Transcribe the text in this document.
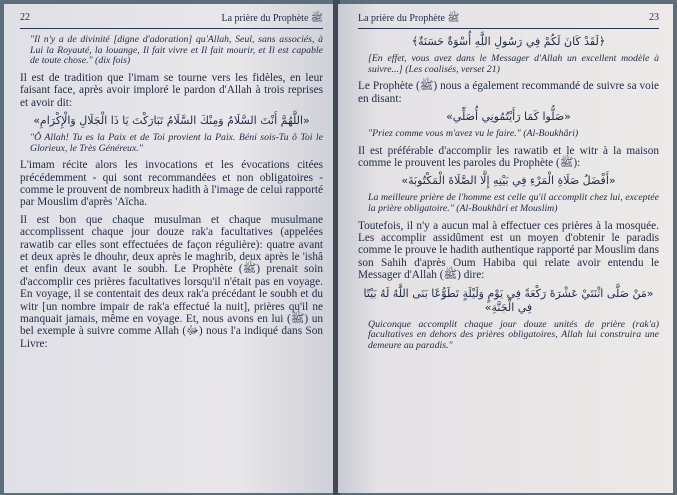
22	La prière du Prophète ﷺ

"Il n'y a de divinité [digne d'adoration] qu'Allah, Seul, sans associés, à Lui la Royauté, la louange, Il fait vivre et Il fait mourir, et Il est capable de toute chose." (dix fois)

Il est de tradition que l'imam se tourne vers les fidèles, en leur faisant face, après avoir imploré le pardon d'Allah à trois reprises et avoir dit:

«اللَّهُمَّ أَنْتَ السَّلَامُ وَمِنْكَ السَّلَامُ تَبَارَكْتَ يَا ذَا الْجَلَالِ وَالْإِكْرَامِ»

"Ô Allah! Tu es la Paix et de Toi provient la Paix. Béni sois-Tu ô Toi le Glorieux, le Très Généreux."

L'imam récite alors les invocations et les évocations citées précédemment - qui sont recommandées et non obligatoires - comme le prouvent de nombreux hadith à l'image de celui rapporté par Mouslim d'après 'Aïcha.

Il est bon que chaque musulman et chaque musulmane accomplissent chaque jour douze rak'a facultatives (appelées rawatib car elles sont effectuées de façon régulière): quatre avant et deux après le dhouhr, deux après le maghrib, deux après le 'ishâ et enfin deux avant le soubh. Le Prophète (ﷺ) prenait soin d'accomplir ces prières facultatives lorsqu'il n'était pas en voyage. En voyage, il se contentait des deux rak'a précédant le soubh et du witr [un nombre impair de rak'a effectué la nuit], prières qu'il ne manquait jamais, même en voyage. Et, nous avons en lui (ﷺ) un bel exemple à suivre comme Allah (ﷻ) nous l'a indiqué dans Son Livre:

La prière du Prophète ﷺ	23

﴿لَقَدْ كَانَ لَكُمْ فِي رَسُولِ اللَّهِ أُسْوَةٌ حَسَنَةٌ﴾

[En effet, vous avez dans le Messager d'Allah un excellent modèle à suivre...] (Les coalisés, verset 21)

Le Prophète (ﷺ) nous a également recommandé de suivre sa voie en disant:

«صَلُّوا كَمَا رَأَيْتُمُونِي أُصَلِّي»

"Priez comme vous m'avez vu le faire." (Al-Boukhâri)

Il est préférable d'accomplir les rawatib et le witr à la maison comme le prouvent les paroles du Prophète (ﷺ):

«أَفْضَلُ صَلَاةِ الْمَرْءِ فِي بَيْتِهِ إِلَّا الصَّلَاةَ الْمَكْتُوبَةَ»

La meilleure prière de l'homme est celle qu'il accomplit chez lui, exceptée la prière obligatoire." (Al-Boukhâri et Mouslim)

Toutefois, il n'y a aucun mal à effectuer ces prières à la mosquée. Les accomplir assidûment est un moyen d'obtenir le paradis comme le prouve le hadith authentique rapporté par Mouslim dans son Sahih d'après Oum Habiba qui relate avoir entendu le Messager d'Allah (ﷺ) dire:

«مَنْ صَلَّى اثْنَتَيْ عَشْرَةَ رَكْعَةً فِي يَوْمٍ وَلَيْلَةٍ تَطَوُّعًا بَنَى اللَّهُ لَهُ بَيْتًا فِي الْجَنَّةِ»

Quiconque accomplit chaque jour douze unités de prière (rak'a) facultatives en dehors des prières obligatoires, Allah lui construira une demeure au paradis."
